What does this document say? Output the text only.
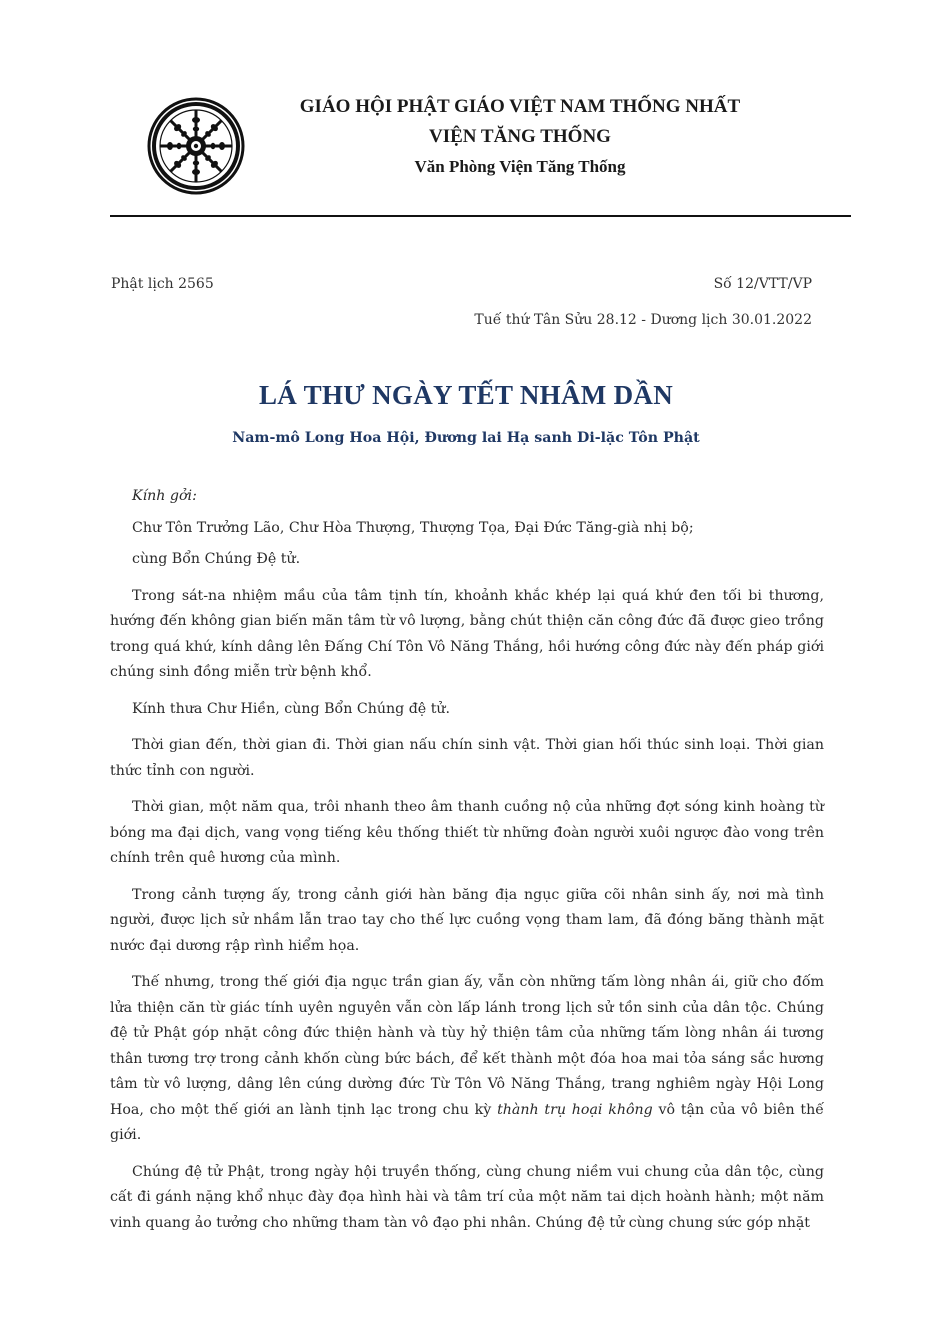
GIÁO HỘI PHẬT GIÁO VIỆT NAM THỐNG NHẤT
VIỆN TĂNG THỐNG
Văn Phòng Viện Tăng Thống
Phật lịch 2565	Số 12/VTT/VP
Tuế thứ Tân Sửu 28.12 - Dương lịch 30.01.2022
LÁ THƯ NGÀY TẾT NHÂM DẦN
Nam-mô Long Hoa Hội, Đương lai Hạ sanh Di-lặc Tôn Phật

Kính gởi:

Chư Tôn Trưởng Lão, Chư Hòa Thượng, Thượng Tọa, Đại Đức Tăng-già nhị bộ;

cùng Bổn Chúng Đệ tử.

Trong sát-na nhiệm mầu của tâm tịnh tín, khoảnh khắc khép lại quá khứ đen tối bi thương, hướng đến không gian biến mãn tâm từ vô lượng, bằng chút thiện căn công đức đã được gieo trồng trong quá khứ, kính dâng lên Đấng Chí Tôn Vô Năng Thắng, hồi hướng công đức này đến pháp giới chúng sinh đồng miễn trừ bệnh khổ.

Kính thưa Chư Hiền, cùng Bổn Chúng đệ tử.

Thời gian đến, thời gian đi. Thời gian nấu chín sinh vật. Thời gian hối thúc sinh loại. Thời gian thức tỉnh con người.

Thời gian, một năm qua, trôi nhanh theo âm thanh cuồng nộ của những đợt sóng kinh hoàng từ bóng ma đại dịch, vang vọng tiếng kêu thống thiết từ những đoàn người xuôi ngược đào vong trên chính trên quê hương của mình.

Trong cảnh tượng ấy, trong cảnh giới hàn băng địa ngục giữa cõi nhân sinh ấy, nơi mà tình người, được lịch sử nhầm lẫn trao tay cho thế lực cuồng vọng tham lam, đã đóng băng thành mặt nước đại dương rập rình hiểm họa.

Thế nhưng, trong thế giới địa ngục trần gian ấy, vẫn còn những tấm lòng nhân ái, giữ cho đốm lửa thiện căn từ giác tính uyên nguyên vẫn còn lấp lánh trong lịch sử tồn sinh của dân tộc. Chúng đệ tử Phật góp nhặt công đức thiện hành và tùy hỷ thiện tâm của những tấm lòng nhân ái tương thân tương trợ trong cảnh khốn cùng bức bách, để kết thành một đóa hoa mai tỏa sáng sắc hương tâm từ vô lượng, dâng lên cúng dường đức Từ Tôn Vô Năng Thắng, trang nghiêm ngày Hội Long Hoa, cho một thế giới an lành tịnh lạc trong chu kỳ thành trụ hoại không vô tận của vô biên thế giới.

Chúng đệ tử Phật, trong ngày hội truyền thống, cùng chung niềm vui chung của dân tộc, cùng cất đi gánh nặng khổ nhục đày đọa hình hài và tâm trí của một năm tai dịch hoành hành; một năm vinh quang ảo tưởng cho những tham tàn vô đạo phi nhân. Chúng đệ tử cùng chung sức góp nhặt
